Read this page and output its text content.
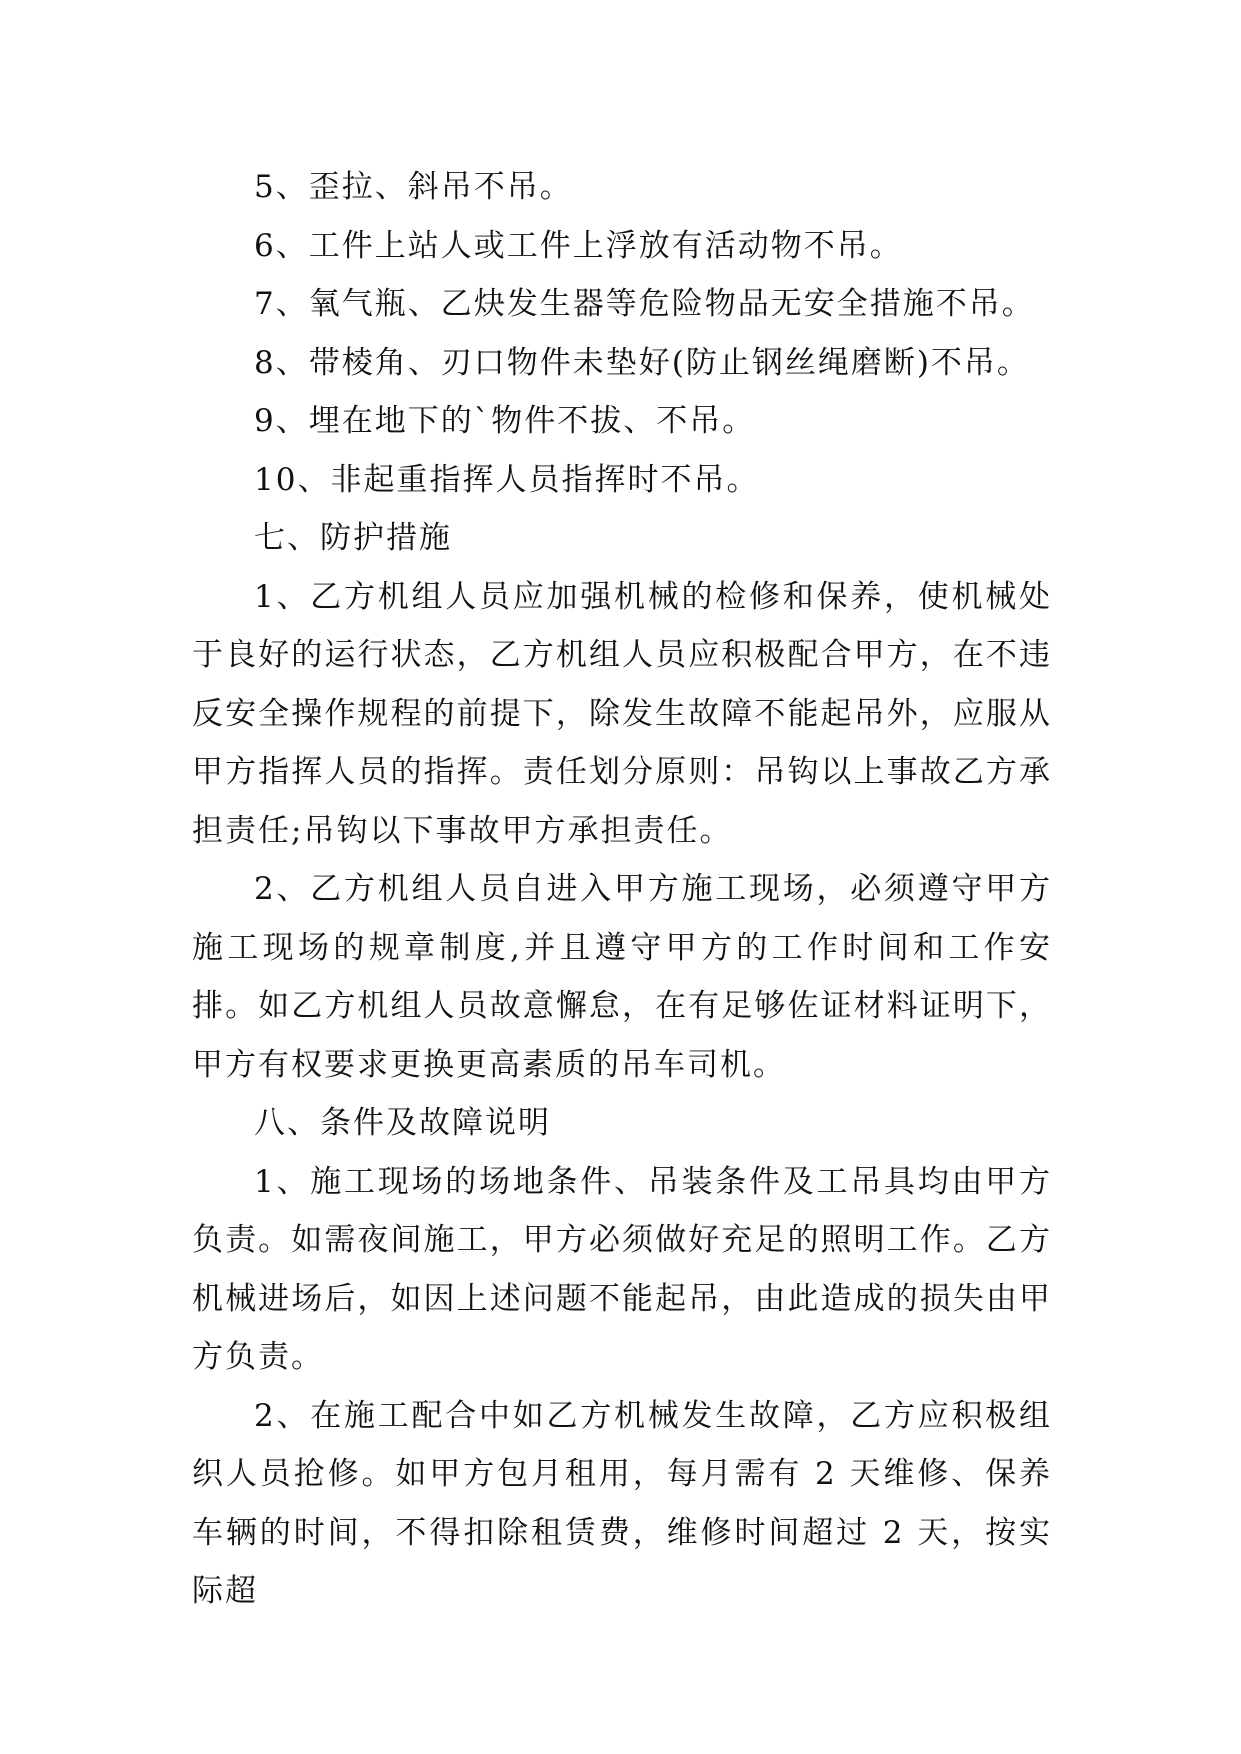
5、歪拉、斜吊不吊。

6、工件上站人或工件上浮放有活动物不吊。

7、氧气瓶、乙炔发生器等危险物品无安全措施不吊。

8、带棱角、刃口物件未垫好(防止钢丝绳磨断)不吊。

9、埋在地下的`物件不拔、不吊。

10、非起重指挥人员指挥时不吊。

七、防护措施

1、乙方机组人员应加强机械的检修和保养，使机械处于良好的运行状态，乙方机组人员应积极配合甲方，在不违反安全操作规程的前提下，除发生故障不能起吊外，应服从甲方指挥人员的指挥。责任划分原则：吊钩以上事故乙方承担责任;吊钩以下事故甲方承担责任。

2、乙方机组人员自进入甲方施工现场，必须遵守甲方施工现场的规章制度,并且遵守甲方的工作时间和工作安排。如乙方机组人员故意懈怠，在有足够佐证材料证明下，甲方有权要求更换更高素质的吊车司机。

八、条件及故障说明

1、施工现场的场地条件、吊装条件及工吊具均由甲方负责。如需夜间施工，甲方必须做好充足的照明工作。乙方机械进场后，如因上述问题不能起吊，由此造成的损失由甲方负责。

2、在施工配合中如乙方机械发生故障，乙方应积极组织人员抢修。如甲方包月租用，每月需有 2 天维修、保养车辆的时间，不得扣除租赁费，维修时间超过 2 天，按实际超
